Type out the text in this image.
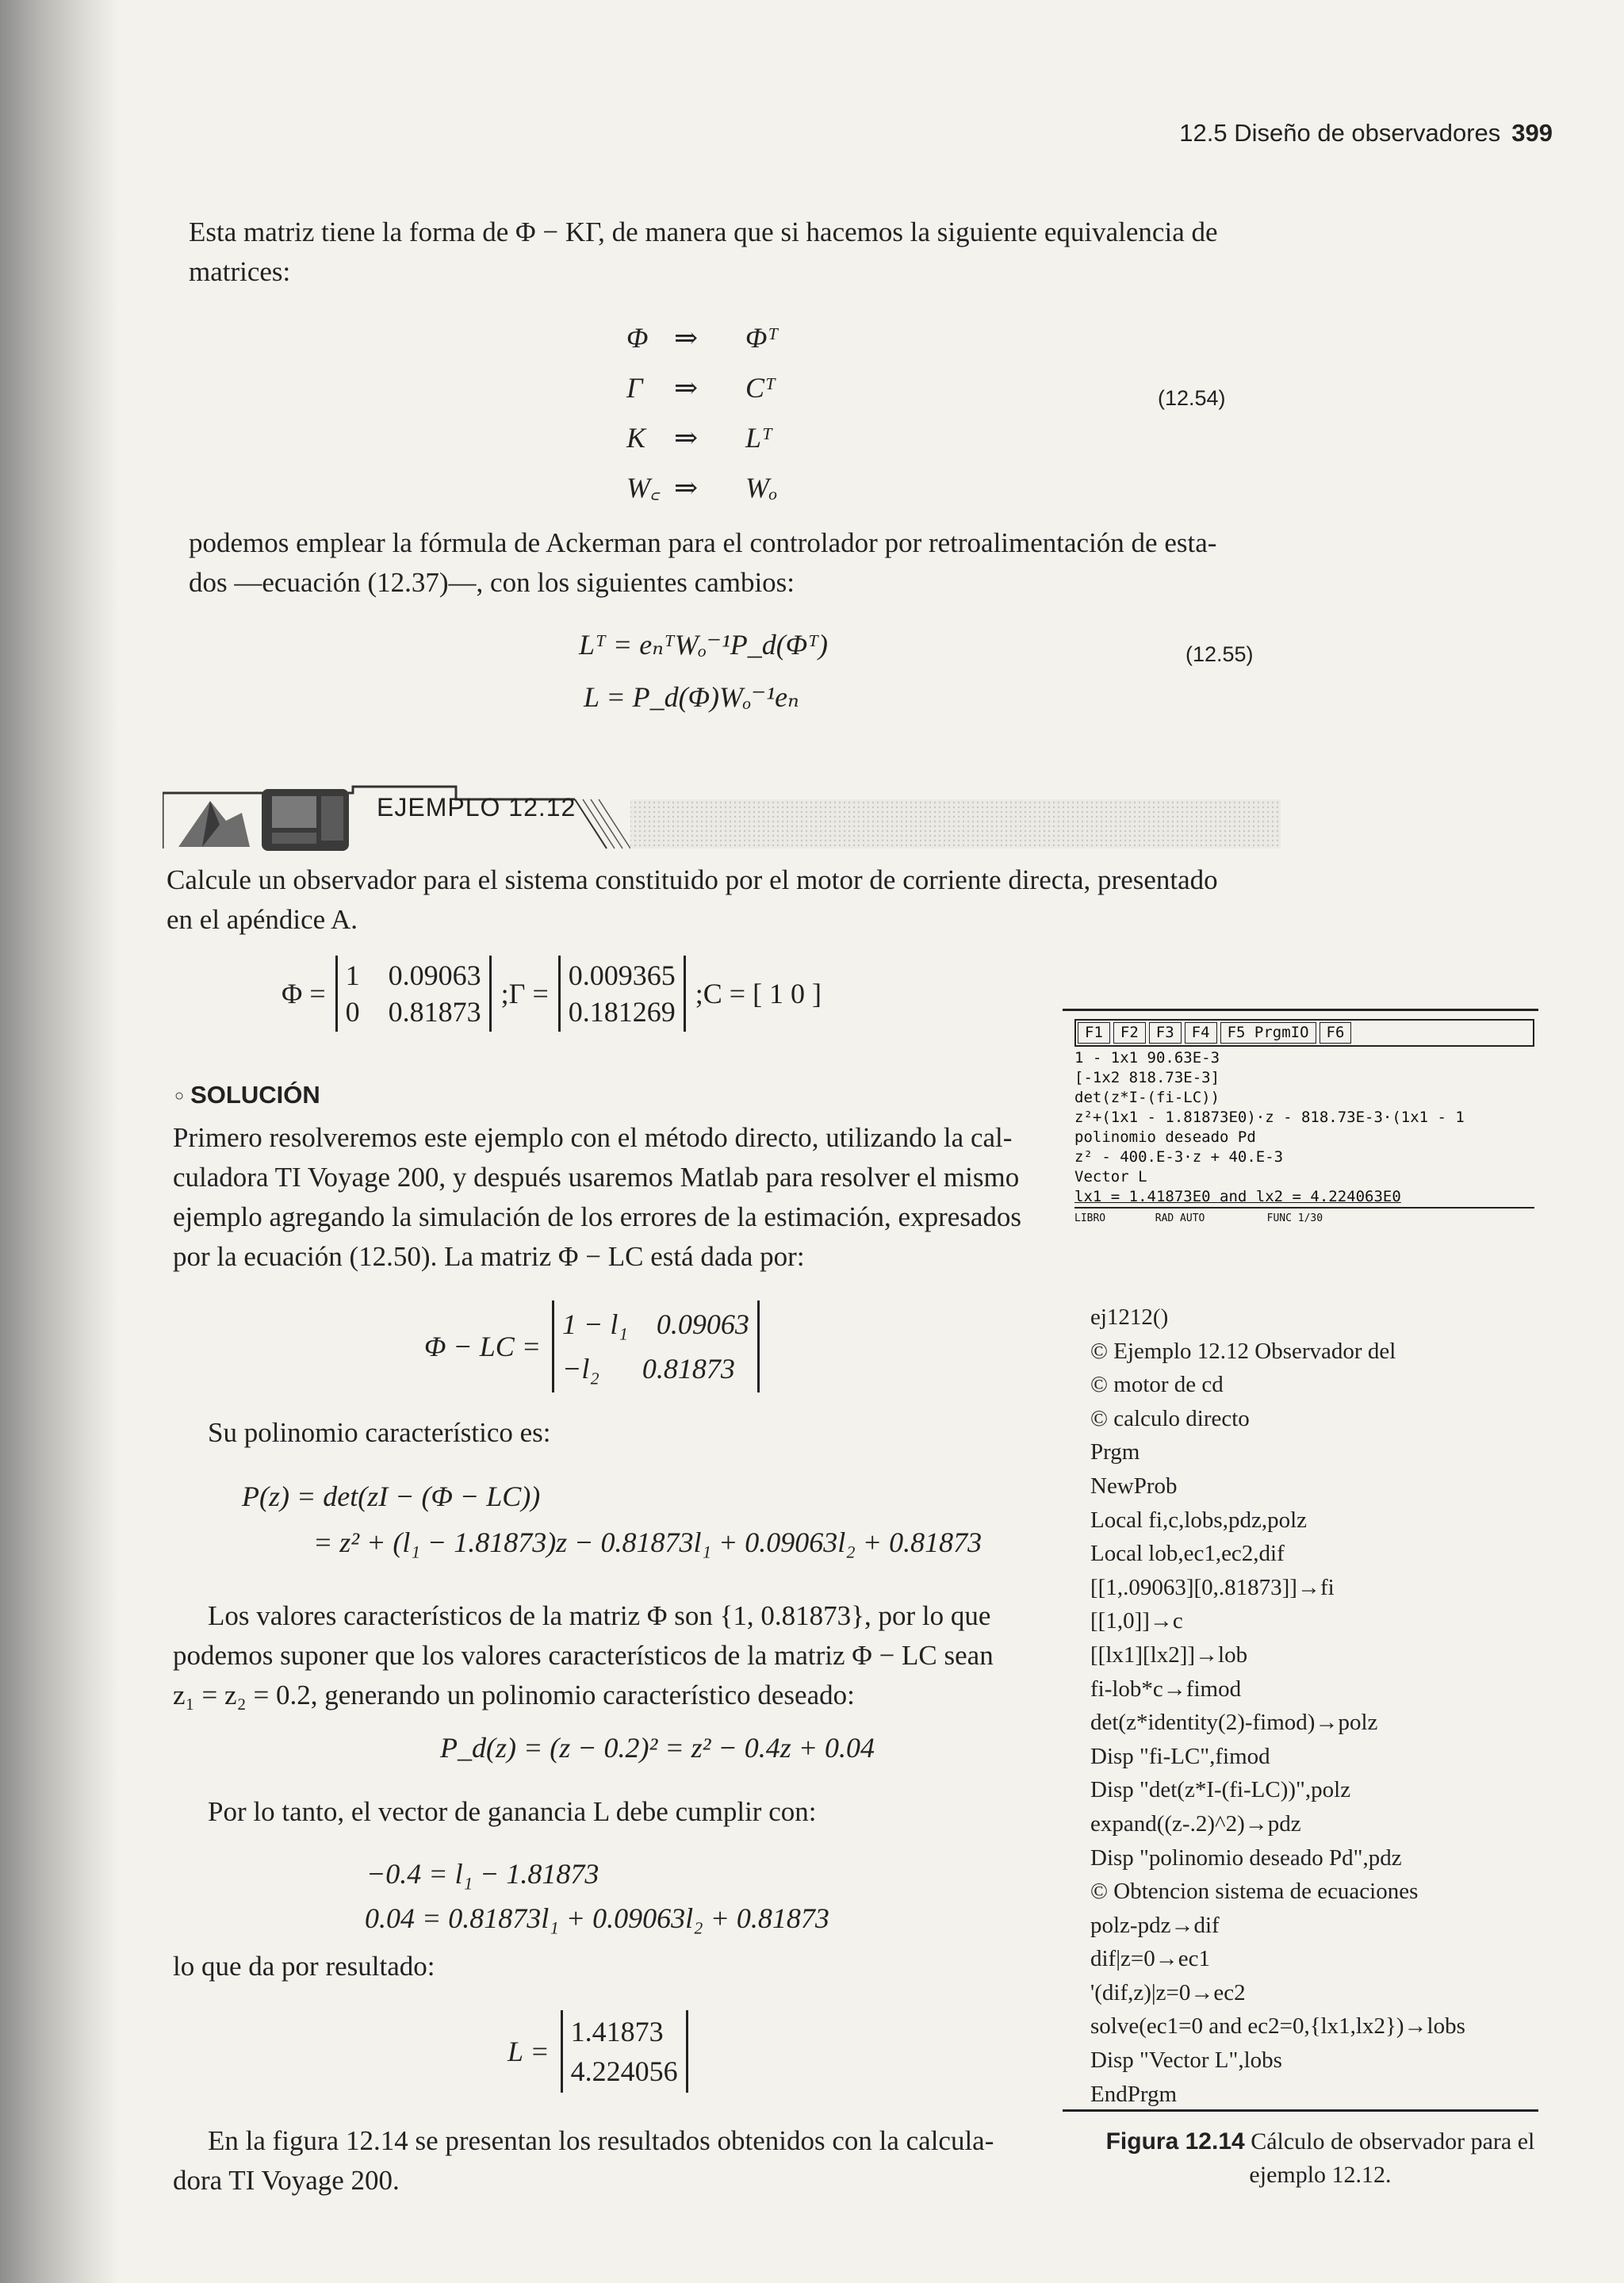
12.5 Diseño de observadores 399
Esta matriz tiene la forma de Φ − KΓ, de manera que si hacemos la siguiente equivalencia de
matrices:
Φ ⇒ Φᵀ
Γ ⇒ Cᵀ
K ⇒ Lᵀ
W꜀ ⇒ Wₒ
(12.54)
podemos emplear la fórmula de Ackerman para el controlador por retroalimentación de esta-
dos —ecuación (12.37)—, con los siguientes cambios:
Lᵀ = eₙᵀWₒ⁻¹P_d(Φᵀ)
L = P_d(Φ)Wₒ⁻¹eₙ
(12.55)
EJEMPLO 12.12
Calcule un observador para el sistema constituido por el motor de corriente directa, presentado
en el apéndice A.
Φ =
1    0.09063
0    0.81873
;Γ =
0.009365
0.181269
;C = [ 1 0 ]
○ SOLUCIÓN
Primero resolveremos este ejemplo con el método directo, utilizando la cal-
culadora TI Voyage 200, y después usaremos Matlab para resolver el mismo
ejemplo agregando la simulación de los errores de la estimación, expresados
por la ecuación (12.50). La matriz Φ − LC está dada por:
Φ − LC =
1 − l₁    0.09063
−l₂      0.81873
Su polinomio característico es:
P(z) = det(zI − (Φ − LC))
= z² + (l₁ − 1.81873)z − 0.81873l₁ + 0.09063l₂ + 0.81873
Los valores característicos de la matriz Φ son {1, 0.81873}, por lo que
podemos suponer que los valores característicos de la matriz Φ − LC sean
z₁ = z₂ = 0.2, generando un polinomio característico deseado:
P_d(z) = (z − 0.2)² = z² − 0.4z + 0.04
Por lo tanto, el vector de ganancia L debe cumplir con:
−0.4 = l₁ − 1.81873
0.04 = 0.81873l₁ + 0.09063l₂ + 0.81873
lo que da por resultado:
L =
1.41873
4.224056
En la figura 12.14 se presentan los resultados obtenidos con la calcula-
dora TI Voyage 200.
F1	F2	F3	F4	F5 PrgmIO	F6
1 - 1x1 90.63E-3
[-1x2 818.73E-3]
det(z*I-(fi-LC))
z²+(1x1 - 1.81873E0)·z - 818.73E-3·(1x1 - 1
polinomio deseado Pd
z² - 400.E-3·z + 40.E-3
Vector L
lx1 = 1.41873E0 and lx2 = 4.224063E0
LIBRO        RAD AUTO          FUNC 1/30
ej1212()
© Ejemplo 12.12 Observador del
© motor de cd
© calculo directo
Prgm
NewProb
Local fi,c,lobs,pdz,polz
Local lob,ec1,ec2,dif
[[1,.09063][0,.81873]]→fi
[[1,0]]→c
[[lx1][lx2]]→lob
fi-lob*c→fimod
det(z*identity(2)-fimod)→polz
Disp "fi-LC",fimod
Disp "det(z*I-(fi-LC))",polz
expand((z-.2)^2)→pdz
Disp "polinomio deseado Pd",pdz
© Obtencion sistema de ecuaciones
polz-pdz→dif
dif|z=0→ec1
'(dif,z)|z=0→ec2
solve(ec1=0 and ec2=0,{lx1,lx2})→lobs
Disp "Vector L",lobs
EndPrgm
Figura 12.14 Cálculo de observador para el ejemplo 12.12.
